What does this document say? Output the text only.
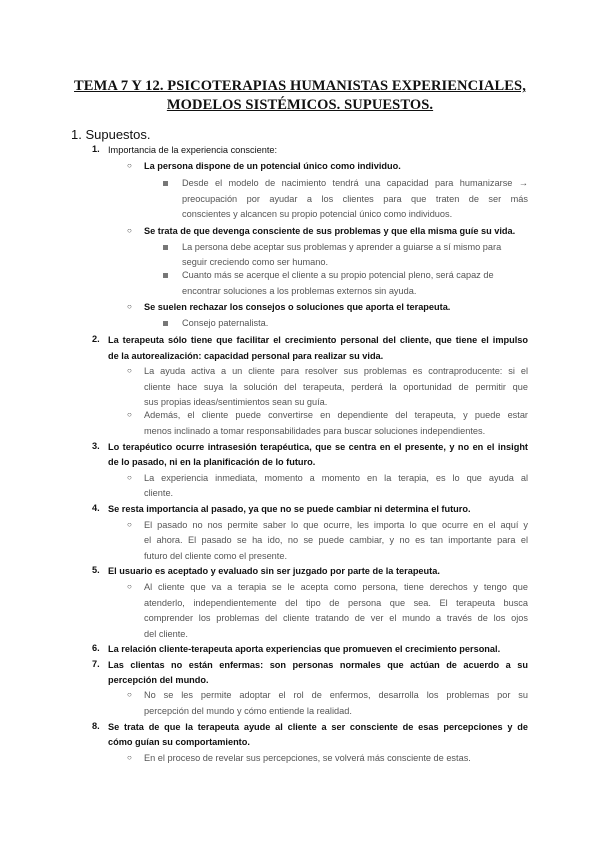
TEMA 7 Y 12. PSICOTERAPIAS HUMANISTAS EXPERIENCIALES,
MODELOS SISTÉMICOS. SUPUESTOS.
1. Supuestos.
1. Importancia de la experiencia consciente:
○ La persona dispone de un potencial único como individuo.
Desde el modelo de nacimiento tendrá una capacidad para humanizarse →
preocupación por ayudar a los clientes para que traten de ser más
conscientes y alcancen su propio potencial único como individuos.
○ Se trata de que devenga consciente de sus problemas y que ella misma guíe su vida.
La persona debe aceptar sus problemas y aprender a guiarse a sí mismo para
seguir creciendo como ser humano.
Cuanto más se acerque el cliente a su propio potencial pleno, será capaz de
encontrar soluciones a los problemas externos sin ayuda.
○ Se suelen rechazar los consejos o soluciones que aporta el terapeuta.
Consejo paternalista.
2. La terapeuta sólo tiene que facilitar el crecimiento personal del cliente, que tiene el impulso
de la autorealización: capacidad personal para realizar su vida.
○ La ayuda activa a un cliente para resolver sus problemas es contraproducente: si el
cliente hace suya la solución del terapeuta, perderá la oportunidad de permitir que
sus propias ideas/sentimientos sean su guía.
○ Además, el cliente puede convertirse en dependiente del terapeuta, y puede estar
menos inclinado a tomar responsabilidades para buscar soluciones independientes.
3. Lo terapéutico ocurre intrasesión terapéutica, que se centra en el presente, y no en el insight
de lo pasado, ni en la planificación de lo futuro.
○ La experiencia inmediata, momento a momento en la terapia, es lo que ayuda al
cliente.
4. Se resta importancia al pasado, ya que no se puede cambiar ni determina el futuro.
○ El pasado no nos permite saber lo que ocurre, les importa lo que ocurre en el aquí y
el ahora. El pasado se ha ido, no se puede cambiar, y no es tan importante para el
futuro del cliente como el presente.
5. El usuario es aceptado y evaluado sin ser juzgado por parte de la terapeuta.
○ Al cliente que va a terapia se le acepta como persona, tiene derechos y tengo que
atenderlo, independientemente del tipo de persona que sea. El terapeuta busca
comprender los problemas del cliente tratando de ver el mundo a través de los ojos
del cliente.
6. La relación cliente-terapeuta aporta experiencias que promueven el crecimiento personal.
7. Las clientas no están enfermas: son personas normales que actúan de acuerdo a su
percepción del mundo.
○ No se les permite adoptar el rol de enfermos, desarrolla los problemas por su
percepción del mundo y cómo entiende la realidad.
8. Se trata de que la terapeuta ayude al cliente a ser consciente de esas percepciones y de
cómo guían su comportamiento.
○ En el proceso de revelar sus percepciones, se volverá más consciente de estas.
